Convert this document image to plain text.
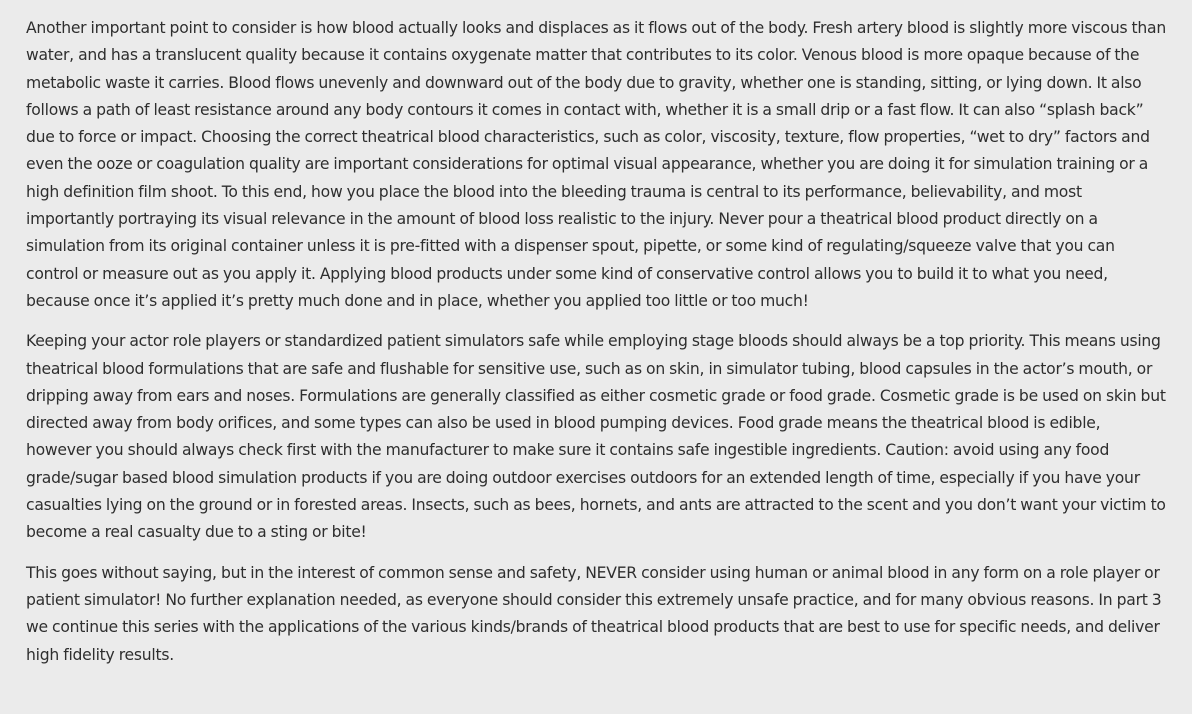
Another important point to consider is how blood actually looks and displaces as it flows out of the body. Fresh artery blood is slightly more viscous than water, and has a translucent quality because it contains oxygenate matter that contributes to its color. Venous blood is more opaque because of the metabolic waste it carries. Blood flows unevenly and downward out of the body due to gravity, whether one is standing, sitting, or lying down. It also follows a path of least resistance around any body contours it comes in contact with, whether it is a small drip or a fast flow. It can also “splash back” due to force or impact. Choosing the correct theatrical blood characteristics, such as color, viscosity, texture, flow properties, “wet to dry” factors and even the ooze or coagulation quality are important considerations for optimal visual appearance, whether you are doing it for simulation training or a high definition film shoot. To this end, how you place the blood into the bleeding trauma is central to its performance, believability, and most importantly portraying its visual relevance in the amount of blood loss realistic to the injury. Never pour a theatrical blood product directly on a simulation from its original container unless it is pre-fitted with a dispenser spout, pipette, or some kind of regulating/squeeze valve that you can control or measure out as you apply it. Applying blood products under some kind of conservative control allows you to build it to what you need, because once it’s applied it’s pretty much done and in place, whether you applied too little or too much!

Keeping your actor role players or standardized patient simulators safe while employing stage bloods should always be a top priority. This means using theatrical blood formulations that are safe and flushable for sensitive use, such as on skin, in simulator tubing, blood capsules in the actor’s mouth, or dripping away from ears and noses. Formulations are generally classified as either cosmetic grade or food grade. Cosmetic grade is be used on skin but directed away from body orifices, and some types can also be used in blood pumping devices. Food grade means the theatrical blood is edible, however you should always check first with the manufacturer to make sure it contains safe ingestible ingredients. Caution: avoid using any food grade/sugar based blood simulation products if you are doing outdoor exercises outdoors for an extended length of time, especially if you have your casualties lying on the ground or in forested areas. Insects, such as bees, hornets, and ants are attracted to the scent and you don’t want your victim to become a real casualty due to a sting or bite!

This goes without saying, but in the interest of common sense and safety, NEVER consider using human or animal blood in any form on a role player or patient simulator! No further explanation needed, as everyone should consider this extremely unsafe practice, and for many obvious reasons. In part 3 we continue this series with the applications of the various kinds/brands of theatrical blood products that are best to use for specific needs, and deliver high fidelity results.
